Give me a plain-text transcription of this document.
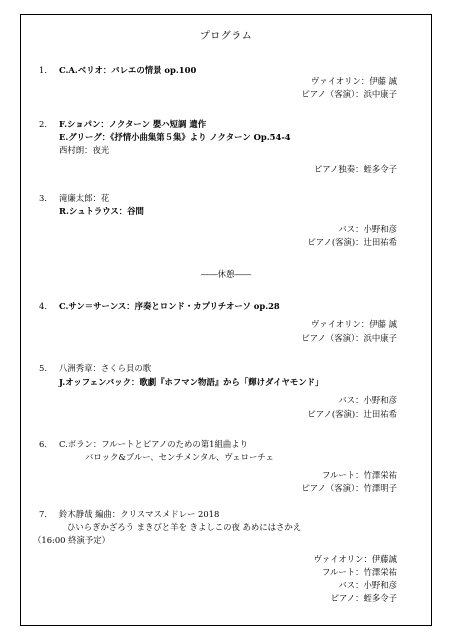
プログラム
1． C.A.ベリオ：バレエの情景 op.100
ヴァイオリン：伊藤 誠
ピアノ（客演）：浜中康子
2． F.ショパン：ノクターン 嬰ハ短調 遺作
E.グリーグ：《抒情小曲集第５集》より ノクターン Op.54-4
西村朗：夜光
ピアノ独奏：蛭多令子
3． 滝廉太郎：花
R.シュトラウス：谷間
バス：小野和彦
ピアノ(客演)：辻田祐希
――休憩――
4． C.サン＝サーンス：序奏とロンド・カプリチオーソ op.28
ヴァイオリン：伊藤 誠
ピアノ（客演）：浜中康子
5． 八洲秀章：さくら貝の歌
J.オッフェンバック：歌劇『ホフマン物語』から「輝けダイヤモンド」
バス：小野和彦
ピアノ(客演)：辻田祐希
6． C.ボラン：フルートとピアノのための第1組曲より
バロック&ブルー、センチメンタル、ヴェローチェ
フルート：竹澤栄祐
ピアノ（客演）：竹澤明子
7． 鈴木静哉 編曲：クリスマスメドレー 2018
ひいらぎかざろう まきびと羊を きよしこの夜 あめにはさかえ
（16:00 終演予定）
ヴァイオリン：伊藤誠
フルート：竹澤栄祐
バス：小野和彦
ピアノ：蛭多令子
